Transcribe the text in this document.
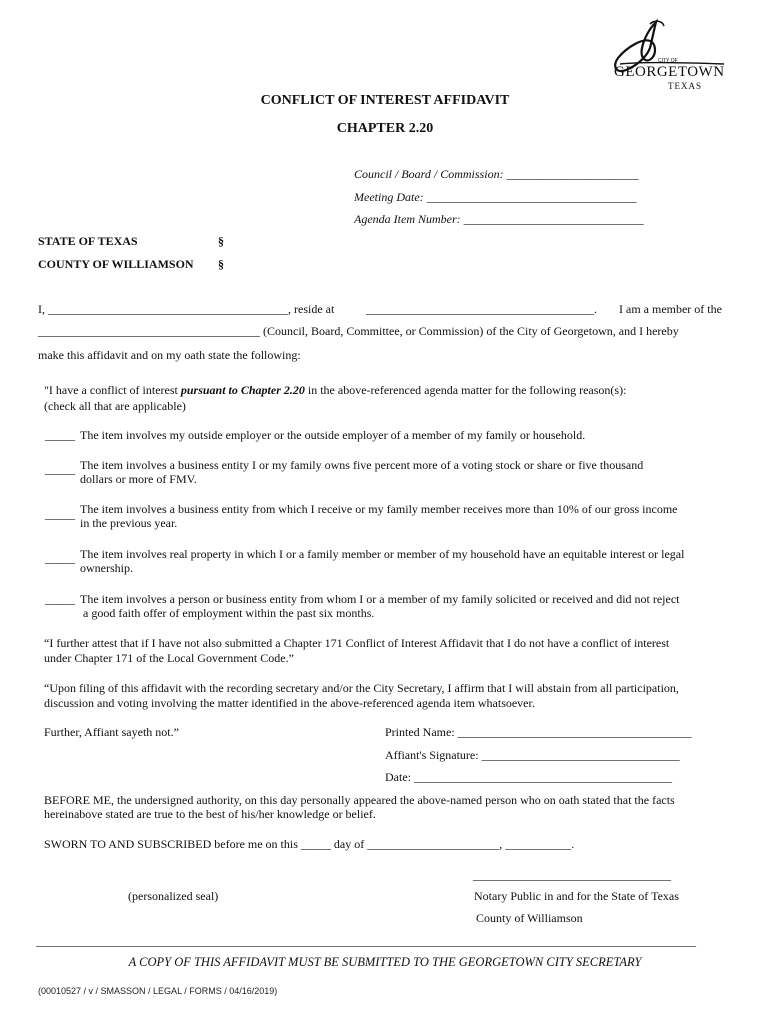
CITY OF
GEORGETOWN
TEXAS
CONFLICT OF INTEREST AFFIDAVIT
CHAPTER 2.20
Council / Board / Commission: ______________________
Meeting Date: ___________________________________
Agenda Item Number: ______________________________
STATE OF TEXAS	§
COUNTY OF WILLIAMSON §
I, ________________________________________, reside at	______________________________________. I am a member of the
_____________________________________ (Council, Board, Committee, or Commission) of the City of Georgetown, and I hereby
make this affidavit and on my oath state the following:
"I have a conflict of interest pursuant to Chapter 2.20 in the above-referenced agenda matter for the following reason(s):
(check all that are applicable)
_____ The item involves my outside employer or the outside employer of a member of my family or household.
_____ The item involves a business entity I or my family owns five percent more of a voting stock or share or five thousand
dollars or more of FMV.
_____ The item involves a business entity from which I receive or my family member receives more than 10% of our gross income
in the previous year.
_____ The item involves real property in which I or a family member or member of my household have an equitable interest or legal
ownership.
_____ The item involves a person or business entity from whom I or a member of my family solicited or received and did not reject
a good faith offer of employment within the past six months.
“I further attest that if I have not also submitted a Chapter 171 Conflict of Interest Affidavit that I do not have a conflict of interest
under Chapter 171 of the Local Government Code.”
“Upon filing of this affidavit with the recording secretary and/or the City Secretary, I affirm that I will abstain from all participation,
discussion and voting involving the matter identified in the above-referenced agenda item whatsoever.
Further, Affiant sayeth not.”	Printed Name: _______________________________________
Affiant's Signature: _________________________________
Date: ___________________________________________
BEFORE ME, the undersigned authority, on this day personally appeared the above-named person who on oath stated that the facts
hereinabove stated are true to the best of his/her knowledge or belief.
SWORN TO AND SUBSCRIBED before me on this _____ day of ______________________, ___________.
_________________________________
(personalized seal)	Notary Public in and for the State of Texas
County of Williamson
______________________________________________________________________________________________________________
A COPY OF THIS AFFIDAVIT MUST BE SUBMITTED TO THE GEORGETOWN CITY SECRETARY
(00010527 / v / SMASSON / LEGAL / FORMS / 04/16/2019)
